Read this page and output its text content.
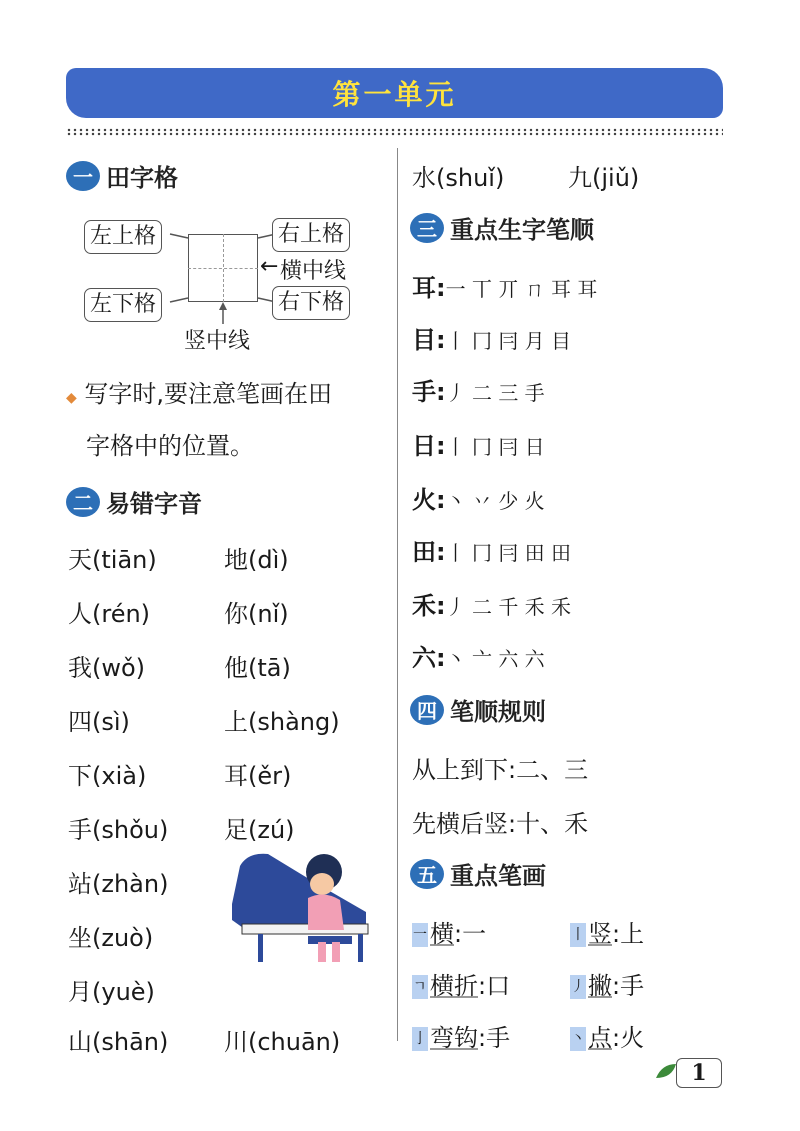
第一单元
一 田字格
左上格	右上格
左下格	右下格
← 横中线
竖中线
◆ 写字时,要注意笔画在田
字格中的位置。
二 易错字音
天(tiān)	地(dì)
人(rén)	你(nǐ)
我(wǒ)	他(tā)
四(sì)	上(shàng)
下(xià)	耳(ěr)
手(shǒu) 足(zú)
站(zhàn)
坐(zuò)
月(yuè)
山(shān) 川(chuān)
水(shuǐ)	九(jiǔ)
三 重点生字笔顺
耳:一 丅 丌 ㄇ 耳 耳
目:丨 冂 冃 月 目
手:丿 二 三 手
日:丨 冂 冃 日
火:丶 丷 少 火
田:丨 冂 冃 田 田
禾:丿 二 千 禾 禾
六:丶 亠 六 六
四 笔顺规则
从上到下:二、三
先横后竖:十、禾
五 重点笔画
一 横:一	丨 竖:上
ㄱ 横折:口	丿 撇:手
亅 弯钩:手	丶 点:火
1
